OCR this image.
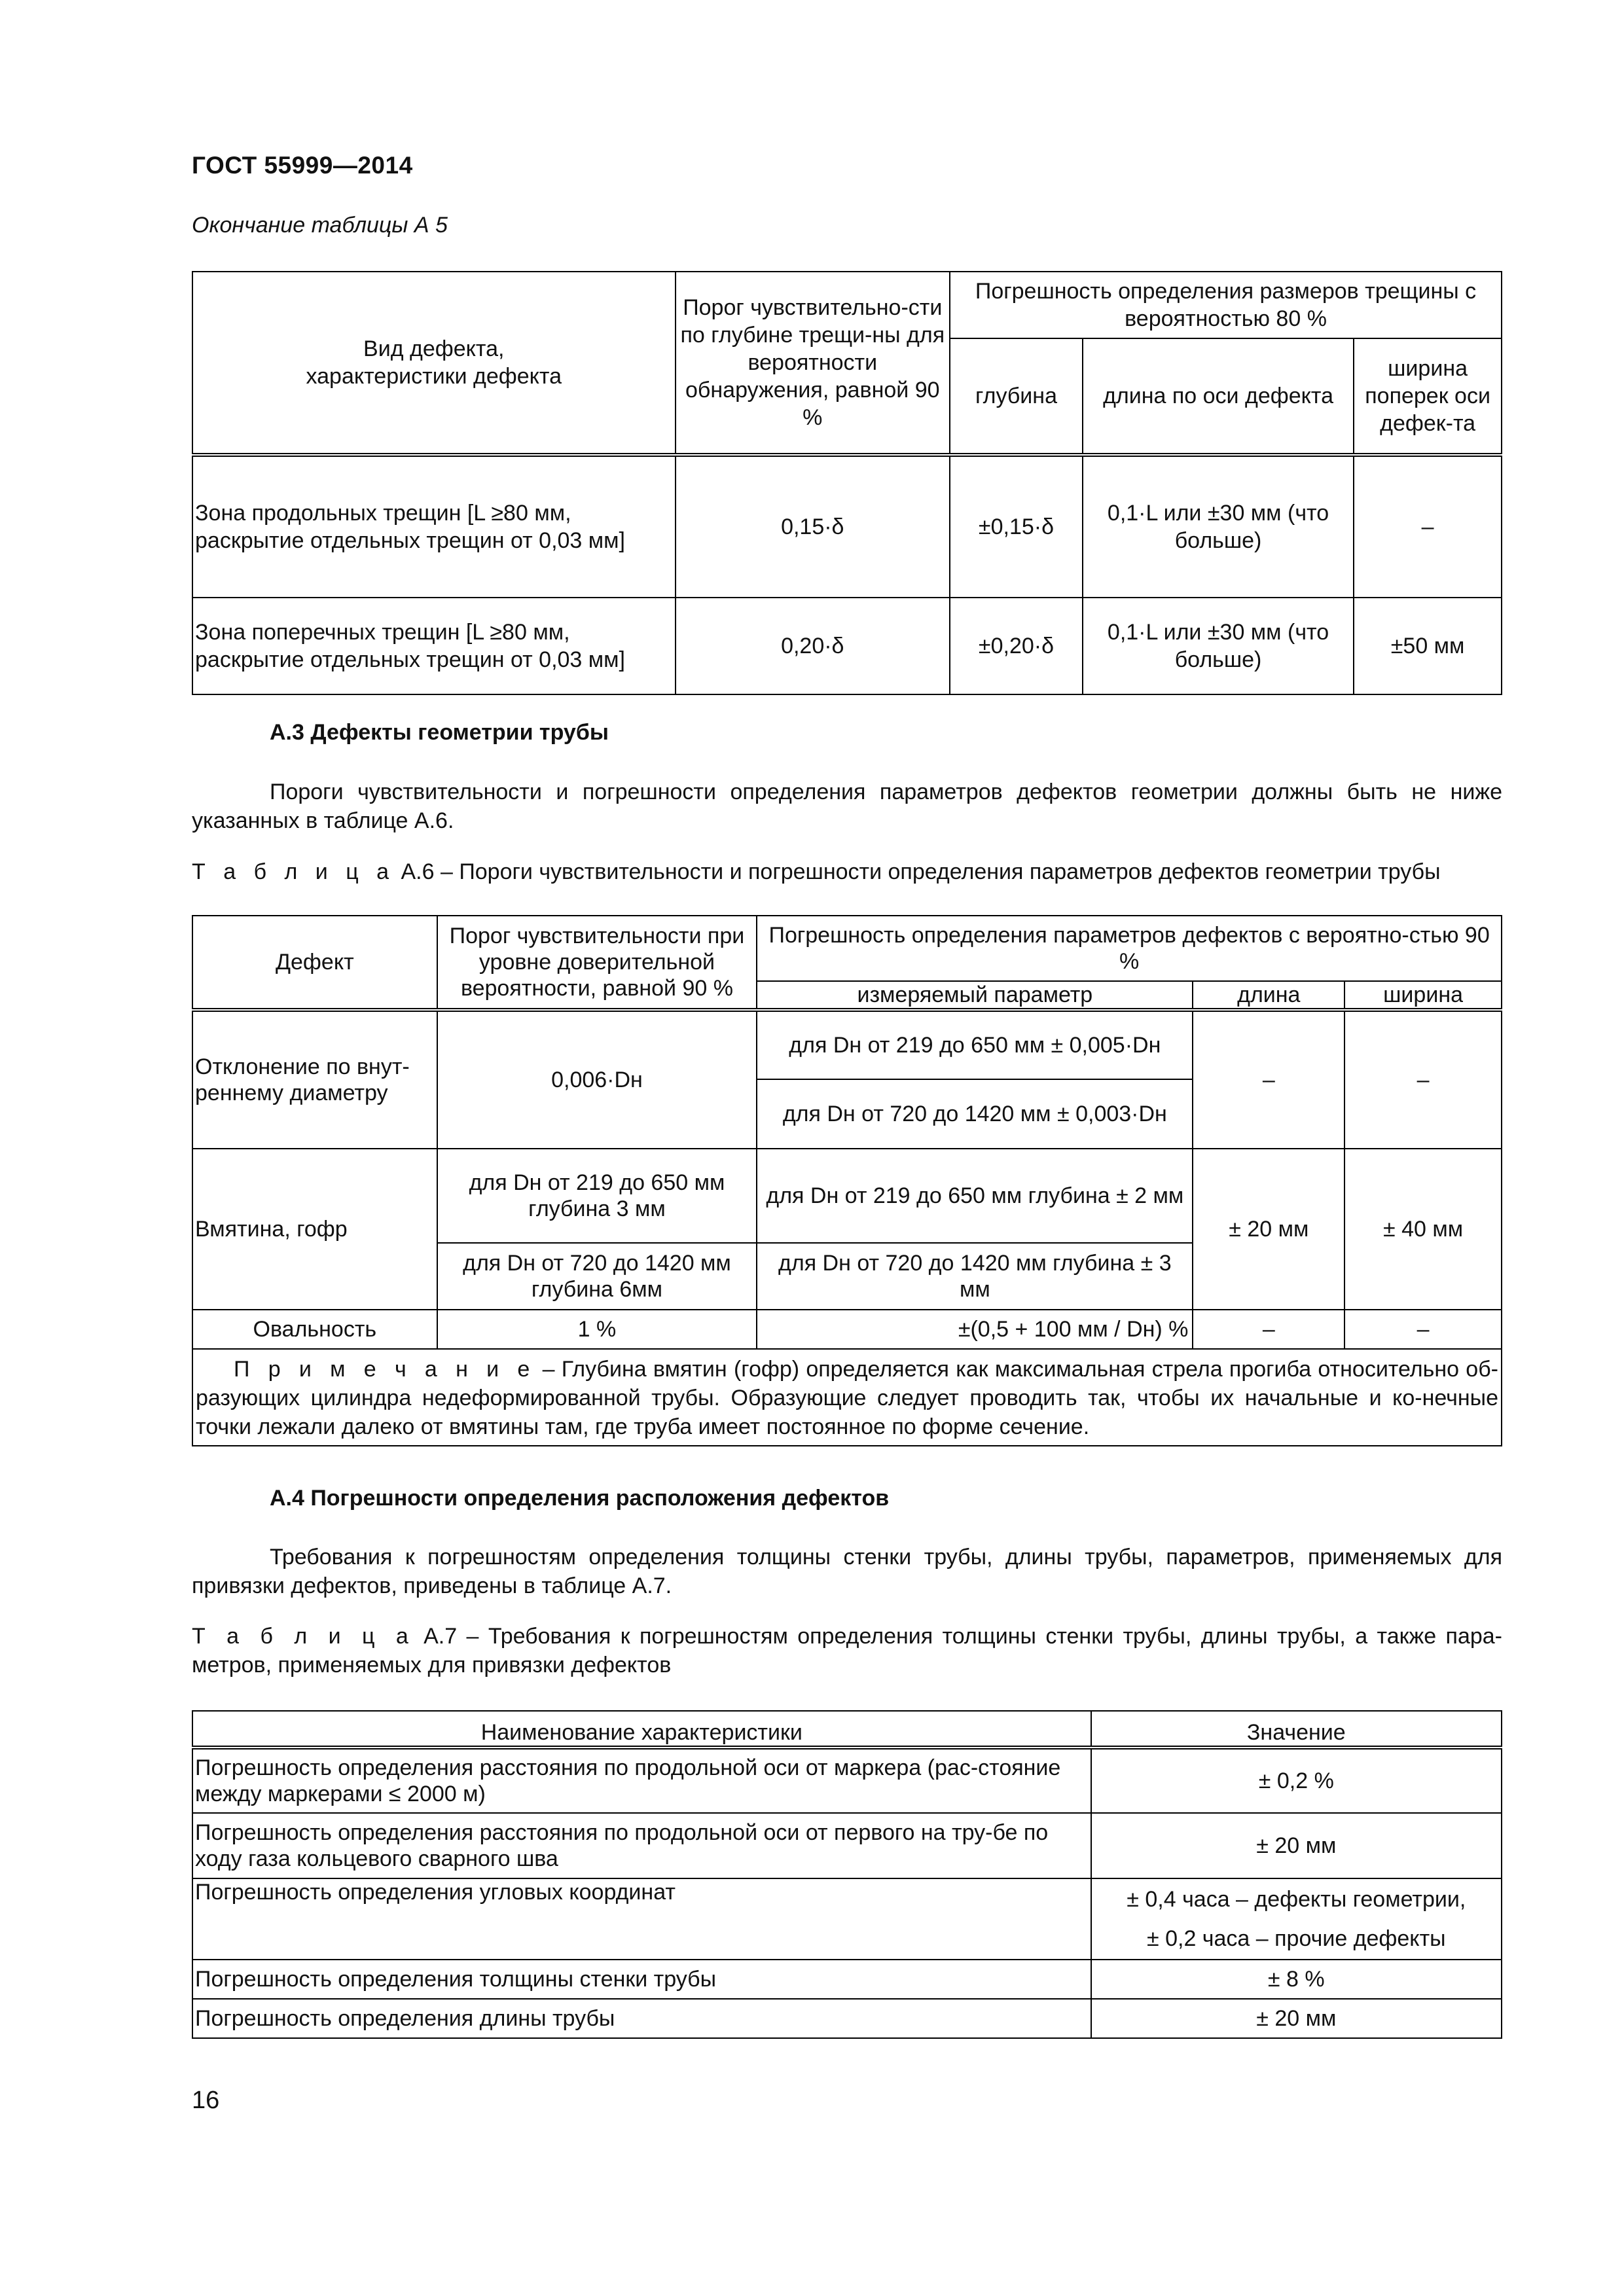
ГОСТ 55999—2014
Окончание таблицы А 5
Вид дефекта, характеристики дефекта	Порог чувствительно-сти по глубине трещи-ны для вероятности обнаружения, равной 90 %	Погрешность определения размеров трещины с вероятностью 80 %		
		глубина	длина по оси дефекта	ширина поперек оси дефек-та
Зона продольных трещин [L ≥80 мм, раскрытие отдельных трещин от 0,03 мм]	0,15·δ	±0,15·δ	0,1·L или ±30 мм (что больше)	–
Зона поперечных трещин [L ≥80 мм, раскрытие отдельных трещин от 0,03 мм]	0,20·δ	±0,20·δ	0,1·L или ±30 мм (что больше)	±50 мм
А.3 Дефекты геометрии трубы
Пороги чувствительности и погрешности определения параметров дефектов геометрии должны быть не ниже указанных в таблице А.6.
Т а б л и ц а А.6 – Пороги чувствительности и погрешности определения параметров дефектов геометрии трубы
Дефект	Порог чувствительности при уровне доверительной вероятности, равной 90 %	Погрешность определения параметров дефектов с вероятно-стью 90 %		
		измеряемый параметр	длина	ширина
Отклонение по внут-реннему диаметру	0,006·Dн	для Dн от 219 до 650 мм ± 0,005·Dн	–	–
		для Dн от 720 до 1420 мм ± 0,003·Dн		
Вмятина, гофр	для Dн от 219 до 650 мм глубина 3 мм	для Dн от 219 до 650 мм глубина ± 2 мм	± 20 мм	± 40 мм
	для Dн от 720 до 1420 мм глубина 6мм	для Dн от 720 до 1420 мм глубина ± 3 мм		
Овальность	1 %	±(0,5 + 100 мм / Dн) %	–	–
П р и м е ч а н и е – Глубина вмятин (гофр) определяется как максимальная стрела прогиба относительно об-разующих цилиндра недеформированной трубы. Образующие следует проводить так, чтобы их начальные и ко-нечные точки лежали далеко от вмятины там, где труба имеет постоянное по форме сечение.				
А.4 Погрешности определения расположения дефектов
Требования к погрешностям определения толщины стенки трубы, длины трубы, параметров, применяемых для привязки дефектов, приведены в таблице А.7.
Т а б л и ц а А.7 – Требования к погрешностям определения толщины стенки трубы, длины трубы, а также пара-метров, применяемых для привязки дефектов
Наименование характеристики	Значение
Погрешность определения расстояния по продольной оси от маркера (рас-стояние между маркерами ≤ 2000 м)	± 0,2 %
Погрешность определения расстояния по продольной оси от первого на тру-бе по ходу газа кольцевого сварного шва	± 20 мм
Погрешность определения угловых координат	± 0,4 часа – дефекты геометрии,
± 0,2 часа – прочие дефекты

Погрешность определения толщины стенки трубы	± 8 %
Погрешность определения длины трубы	± 20 мм
16
